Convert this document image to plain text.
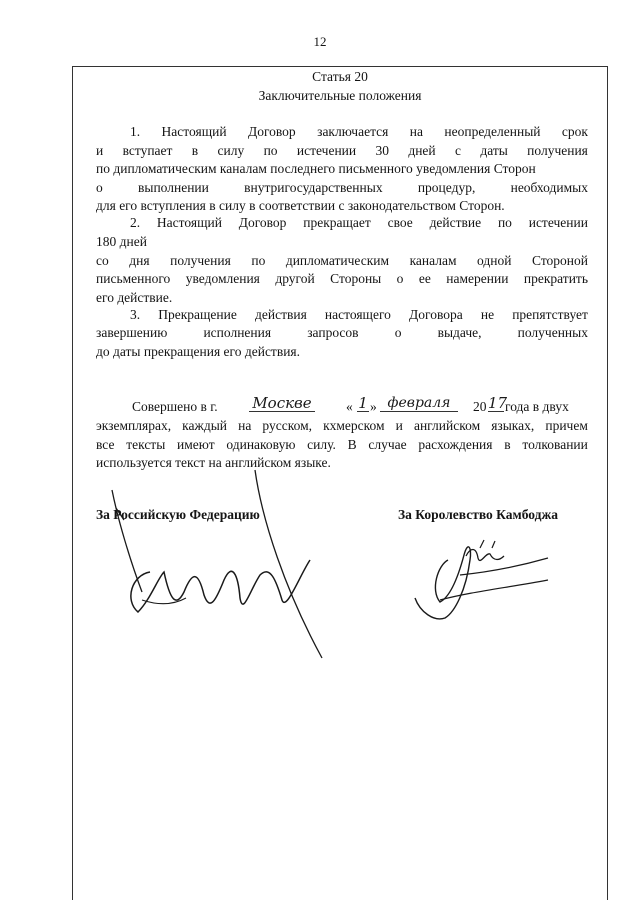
12
Статья 20
Заключительные положения
1. Настоящий Договор заключается на неопределенный срок
и вступает в силу по истечении 30 дней с даты получения
по дипломатическим каналам последнего письменного уведомления Сторон
о	выполнении	внутригосударственных	процедур,	необходимых
для его вступления в силу в соответствии с законодательством Сторон.
2. Настоящий Договор прекращает свое действие по истечении
180 дней
со дня получения по дипломатическим каналам одной Стороной
письменного уведомления другой Стороны о ее намерении прекратить
его действие.
3. Прекращение действия настоящего Договора не препятствует
завершению	исполнения	запросов	о	выдаче,	полученных
до даты прекращения его действия.
Совершено в г. Москве	« 1 » февраля	20 17
года в двух
экземплярах, каждый на русском, кхмерском и английском языках, причем
все тексты имеют одинаковую силу. В случае расхождения в толковании
используется текст на английском языке.
За Российскую Федерацию	За Королевство Камбоджа
